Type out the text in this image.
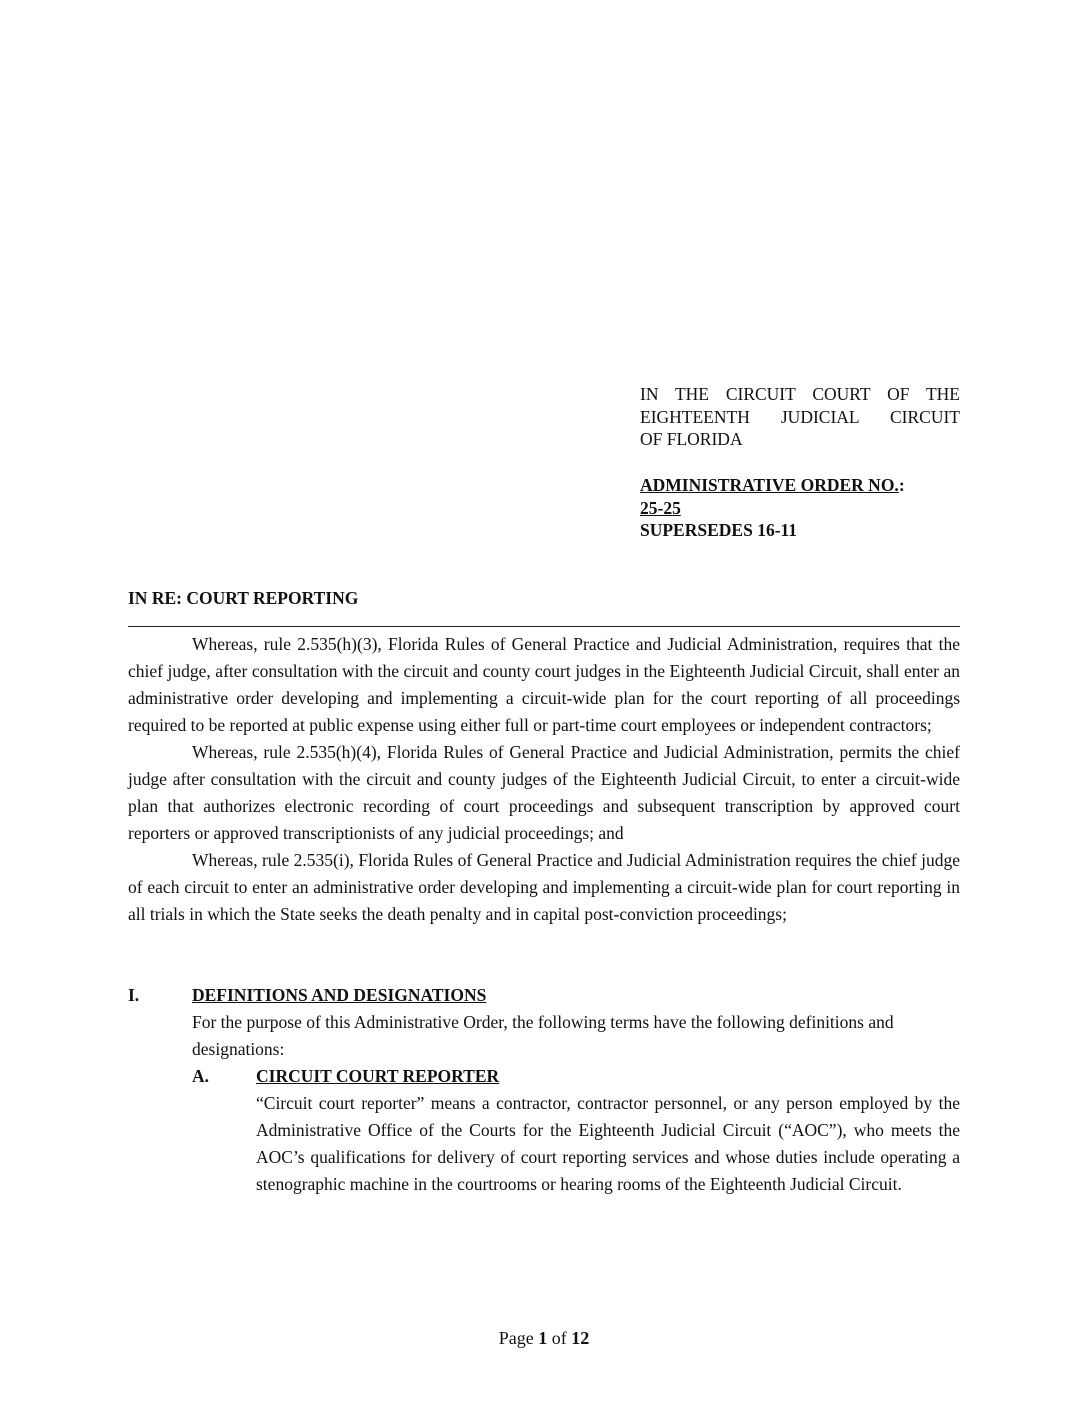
IN THE CIRCUIT COURT OF THE
EIGHTEENTH JUDICIAL CIRCUIT
OF FLORIDA
ADMINISTRATIVE ORDER NO.:
25-25
SUPERSEDES 16-11
IN RE: COURT REPORTING

Whereas, rule 2.535(h)(3), Florida Rules of General Practice and Judicial Administration, requires that the chief judge, after consultation with the circuit and county court judges in the Eighteenth Judicial Circuit, shall enter an administrative order developing and implementing a circuit-wide plan for the court reporting of all proceedings required to be reported at public expense using either full or part-time court employees or independent contractors;

Whereas, rule 2.535(h)(4), Florida Rules of General Practice and Judicial Administration, permits the chief judge after consultation with the circuit and county judges of the Eighteenth Judicial Circuit, to enter a circuit-wide plan that authorizes electronic recording of court proceedings and subsequent transcription by approved court reporters or approved transcriptionists of any judicial proceedings; and

Whereas, rule 2.535(i), Florida Rules of General Practice and Judicial Administration requires the chief judge of each circuit to enter an administrative order developing and implementing a circuit-wide plan for court reporting in all trials in which the State seeks the death penalty and in capital post-conviction proceedings;

I.	DEFINITIONS AND DESIGNATIONS

For the purpose of this Administrative Order, the following terms have the following definitions and designations:

A.	CIRCUIT COURT REPORTER

“Circuit court reporter” means a contractor, contractor personnel, or any person employed by the Administrative Office of the Courts for the Eighteenth Judicial Circuit (“AOC”), who meets the AOC’s qualifications for delivery of court reporting services and whose duties include operating a stenographic machine in the courtrooms or hearing rooms of the Eighteenth Judicial Circuit.

Page 1 of 12
